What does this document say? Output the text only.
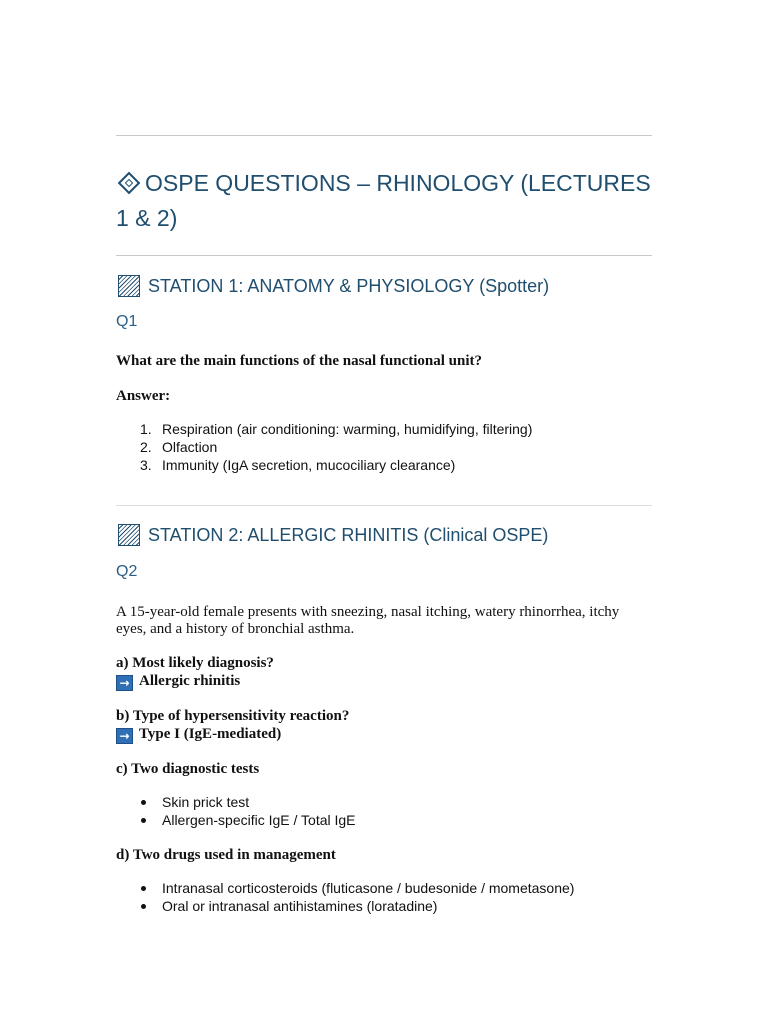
OSPE QUESTIONS – RHINOLOGY (LECTURES 1 & 2)
STATION 1: ANATOMY & PHYSIOLOGY (Spotter)
Q1

What are the main functions of the nasal functional unit?

Answer:

1. Respiration (air conditioning: warming, humidifying, filtering)
2. Olfaction
3. Immunity (IgA secretion, mucociliary clearance)
STATION 2: ALLERGIC RHINITIS (Clinical OSPE)
Q2

A 15-year-old female presents with sneezing, nasal itching, watery rhinorrhea, itchy
eyes, and a history of bronchial asthma.

a) Most likely diagnosis?

→ Allergic rhinitis

b) Type of hypersensitivity reaction?

→ Type I (IgE-mediated)

c) Two diagnostic tests

Skin prick test
Allergen-specific IgE / Total IgE

d) Two drugs used in management

Intranasal corticosteroids (fluticasone / budesonide / mometasone)
Oral or intranasal antihistamines (loratadine)
